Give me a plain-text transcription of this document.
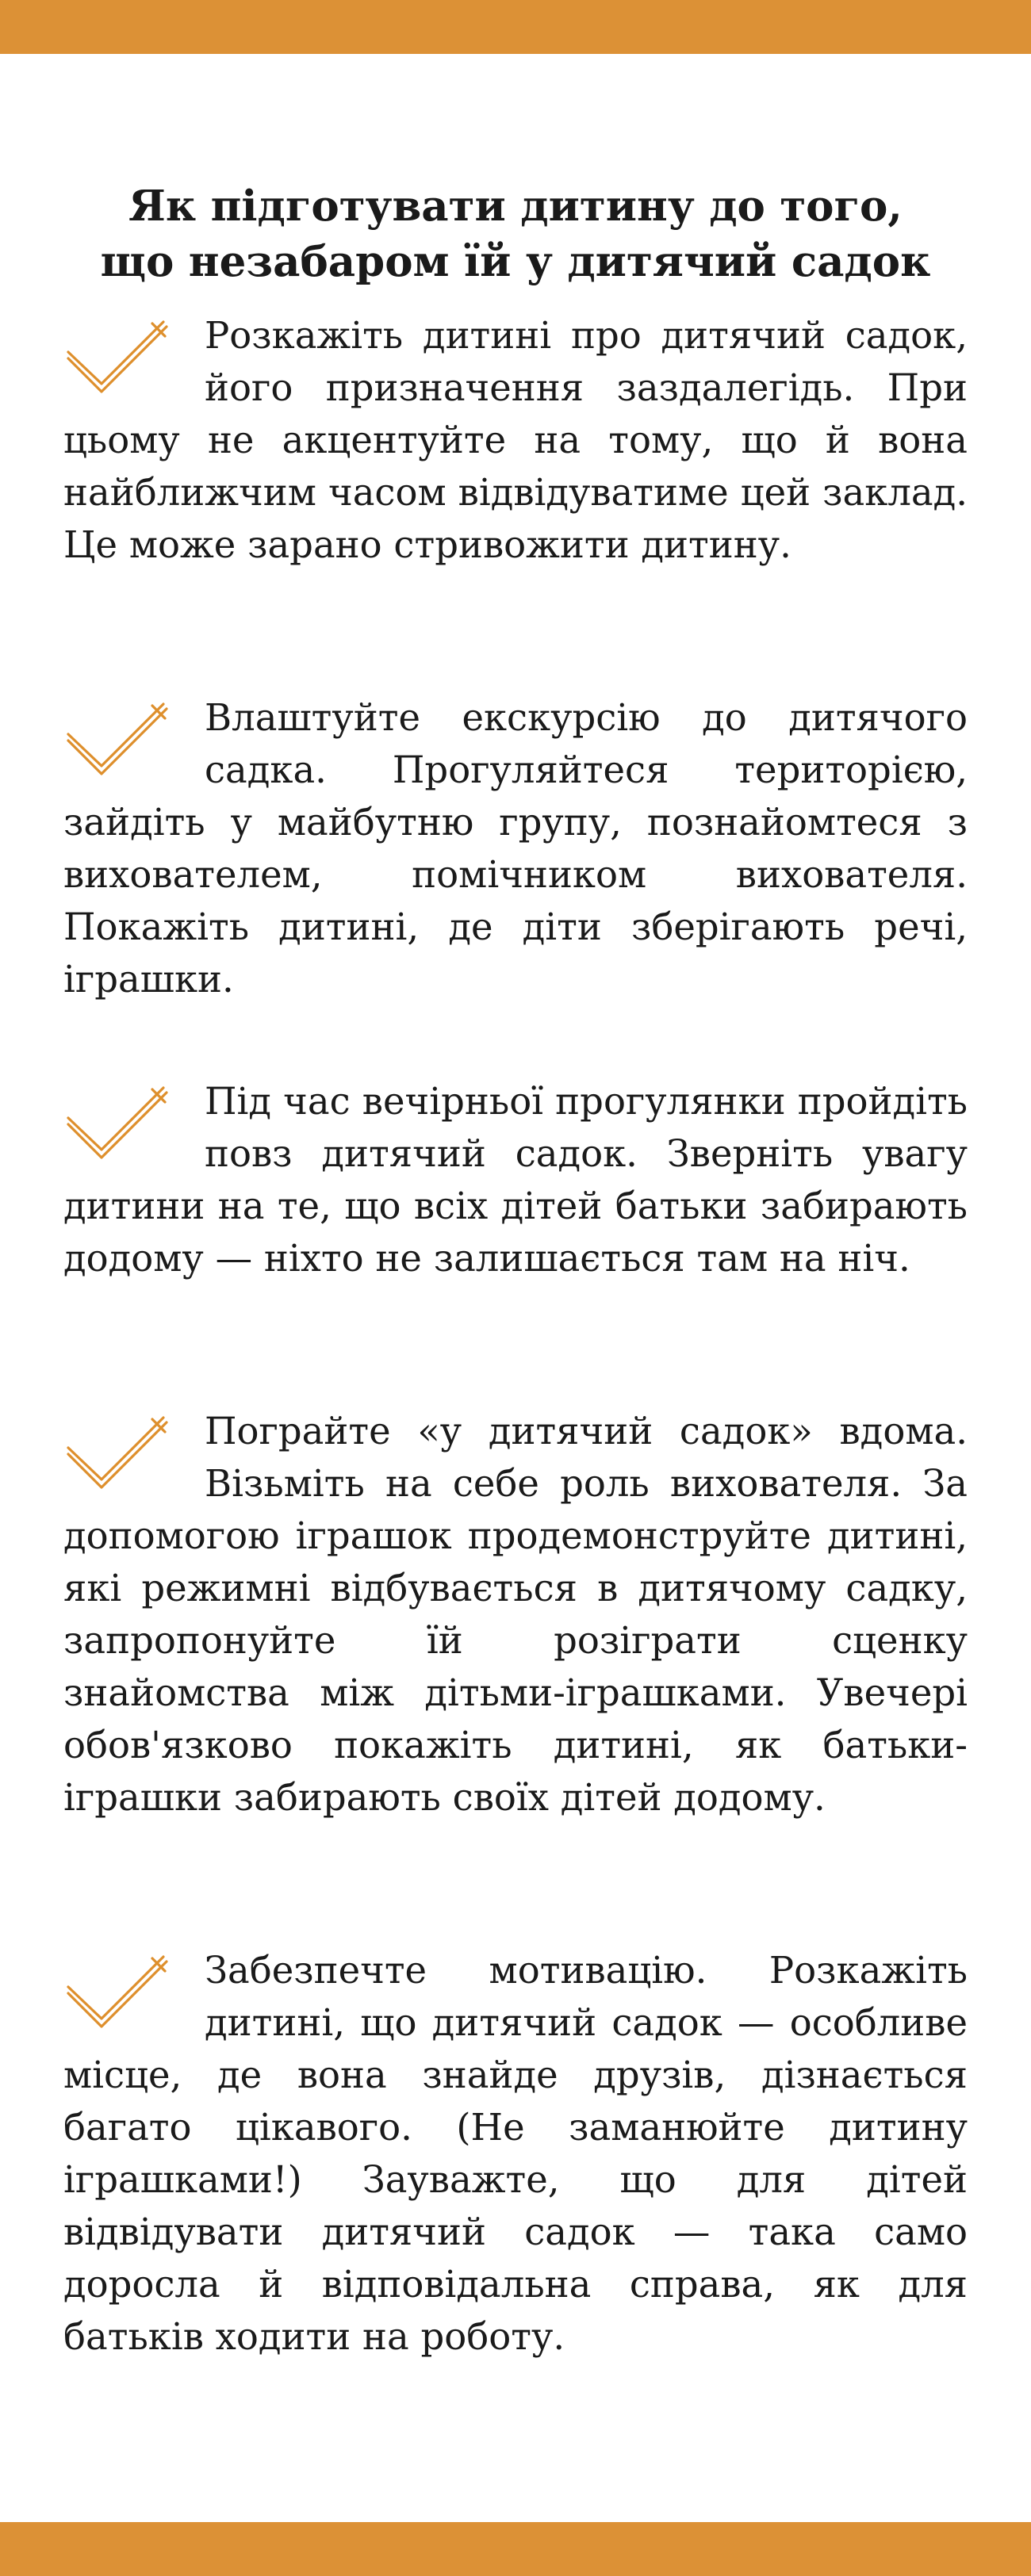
Як підготувати дитину до того,
що незабаром їй у дитячий садок

Розкажіть дитині про дитячий садок, його призначення заздалегідь. При цьому не акцентуйте на тому, що й вона найближчим часом відвідуватиме цей заклад. Це може зарано стривожити дитину.

Влаштуйте екскурсію до дитячого садка. Прогуляйтеся територією, зайдіть у майбутню групу, познайомтеся з вихователем, помічником вихователя. Покажіть дитині, де діти зберігають речі, іграшки.

Під час вечірньої прогулянки пройдіть повз дитячий садок. Зверніть увагу дитини на те, що всіх дітей батьки забирають додому — ніхто не залишається там на ніч.

Пограйте «у дитячий садок» вдома. Візьміть на себе роль вихователя. За допомогою іграшок продемонструйте дитині, які режимні відбувається в дитячому садку, запропонуйте їй розіграти сценку знайомства між дітьми-іграшками. Увечері обов'язково покажіть дитині, як батьки-іграшки забирають своїх дітей додому.

Забезпечте мотивацію. Розкажіть дитині, що дитячий садок — особливе місце, де вона знайде друзів, дізнається багато цікавого. (Не заманюйте дитину іграшками!) Зауважте, що для дітей відвідувати дитячий садок — така само доросла й відповідальна справа, як для батьків ходити на роботу.
